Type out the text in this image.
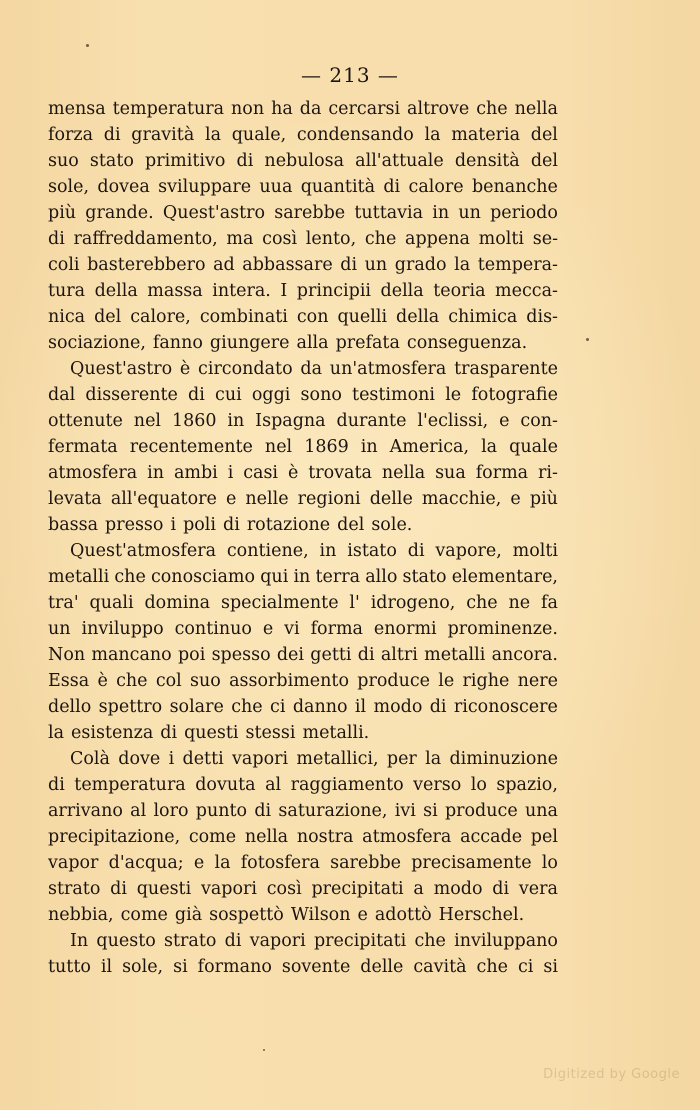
— 213 —
mensa temperatura non ha da cercarsi altrove che nella
forza di gravità la quale, condensando la materia del
suo stato primitivo di nebulosa all'attuale densità del
sole, dovea sviluppare uua quantità di calore benanche
più grande. Quest'astro sarebbe tuttavia in un periodo
di raffreddamento, ma così lento, che appena molti se-
coli basterebbero ad abbassare di un grado la tempera-
tura della massa intera. I principii della teoria mecca-
nica del calore, combinati con quelli della chimica dis-
sociazione, fanno giungere alla prefata conseguenza.
Quest'astro è circondato da un'atmosfera trasparente
dal disserente di cui oggi sono testimoni le fotografie
ottenute nel 1860 in Ispagna durante l'eclissi, e con-
fermata recentemente nel 1869 in America, la quale
atmosfera in ambi i casi è trovata nella sua forma ri-
levata all'equatore e nelle regioni delle macchie, e più
bassa presso i poli di rotazione del sole.
Quest'atmosfera contiene, in istato di vapore, molti
metalli che conosciamo qui in terra allo stato elementare,
tra' quali domina specialmente l' idrogeno, che ne fa
un inviluppo continuo e vi forma enormi prominenze.
Non mancano poi spesso dei getti di altri metalli ancora.
Essa è che col suo assorbimento produce le righe nere
dello spettro solare che ci danno il modo di riconoscere
la esistenza di questi stessi metalli.
Colà dove i detti vapori metallici, per la diminuzione
di temperatura dovuta al raggiamento verso lo spazio,
arrivano al loro punto di saturazione, ivi si produce una
precipitazione, come nella nostra atmosfera accade pel
vapor d'acqua; e la fotosfera sarebbe precisamente lo
strato di questi vapori così precipitati a modo di vera
nebbia, come già sospettò Wilson e adottò Herschel.
In questo strato di vapori precipitati che inviluppano
tutto il sole, si formano sovente delle cavità che ci si
Digitized by Google
